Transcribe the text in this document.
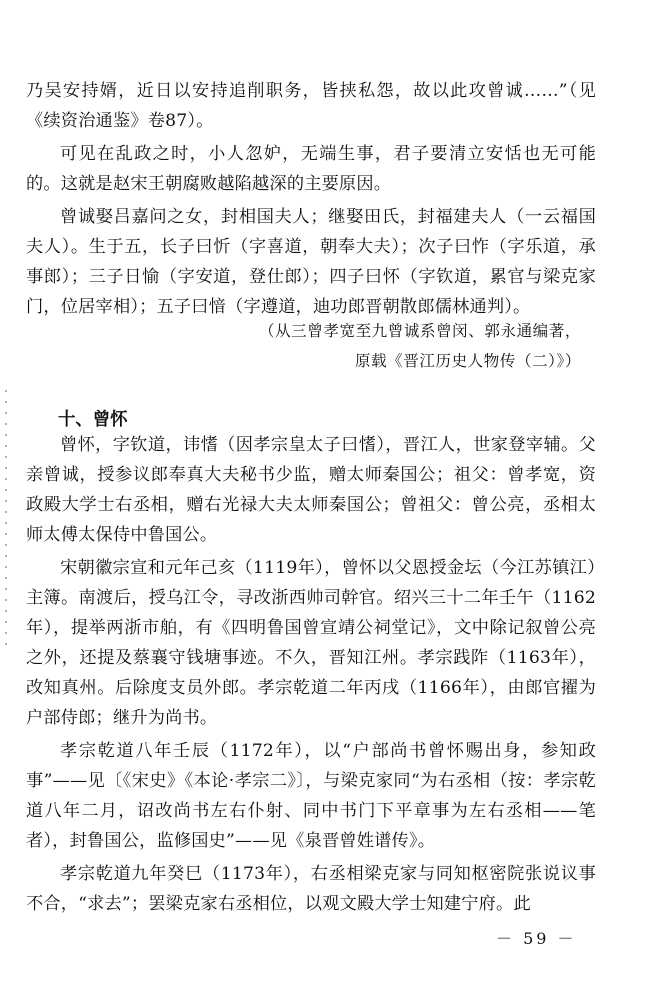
乃吴安持婿，近日以安持追削职务，皆挟私怨，故以此攻曾诚……”（见《续资治通鉴》卷87）。

可见在乱政之时，小人忽妒，无端生事，君子要清立安恬也无可能的。这就是赵宋王朝腐败越陷越深的主要原因。

曾诚娶吕嘉问之女，封相国夫人；继娶田氏，封福建夫人（一云福国夫人）。生于五，长子曰忻（字喜道，朝奉大夫）；次子曰怍（字乐道，承事郎）；三子日愉（字安道，登仕郎）；四子曰怀（字钦道，累官与梁克家门，位居宰相）；五子曰愔（字遵道，迪功郎晋朝散郎儒林通判）。

（从三曾孝宽至九曾诚系曾闵、郭永通编著，
原载《晋江历史人物传（二）》）
十、曾怀

曾怀，字钦道，讳愭（因孝宗皇太子曰愭），晋江人，世家登宰辅。父亲曾诚，授参议郎奉真大夫秘书少监，赠太师秦国公；祖父：曾孝宽，资政殿大学士右丞相，赠右光禄大夫太师秦国公；曾祖父：曾公亮，丞相太师太傅太保侍中鲁国公。

宋朝徽宗宣和元年己亥（1119年），曾怀以父恩授金坛（今江苏镇江）主簿。南渡后，授乌江令，寻改浙西帅司幹官。绍兴三十二年壬午（1162年），提举两浙市舶，有《四明鲁国曾宣靖公祠堂记》，文中除记叙曾公亮之外，还提及蔡襄守钱塘事迹。不久，晋知江州。孝宗践阼（1163年），改知真州。后除度支员外郎。孝宗乾道二年丙戌（1166年），由郎官擢为户部侍郎；继升为尚书。

孝宗乾道八年壬辰（1172年），以“户部尚书曾怀赐出身，参知政事”——见〔《宋史》《本论·孝宗二》〕，与梁克家同“为右丞相（按：孝宗乾道八年二月，诏改尚书左右仆射、同中书门下平章事为左右丞相——笔者），封鲁国公，监修国史”——见《泉晋曾姓谱传》。

孝宗乾道九年癸巳（1173年），右丞相梁克家与同知枢密院张说议事不合，“求去”；罢梁克家右丞相位，以观文殿大学士知建宁府。此

－ 59 －
